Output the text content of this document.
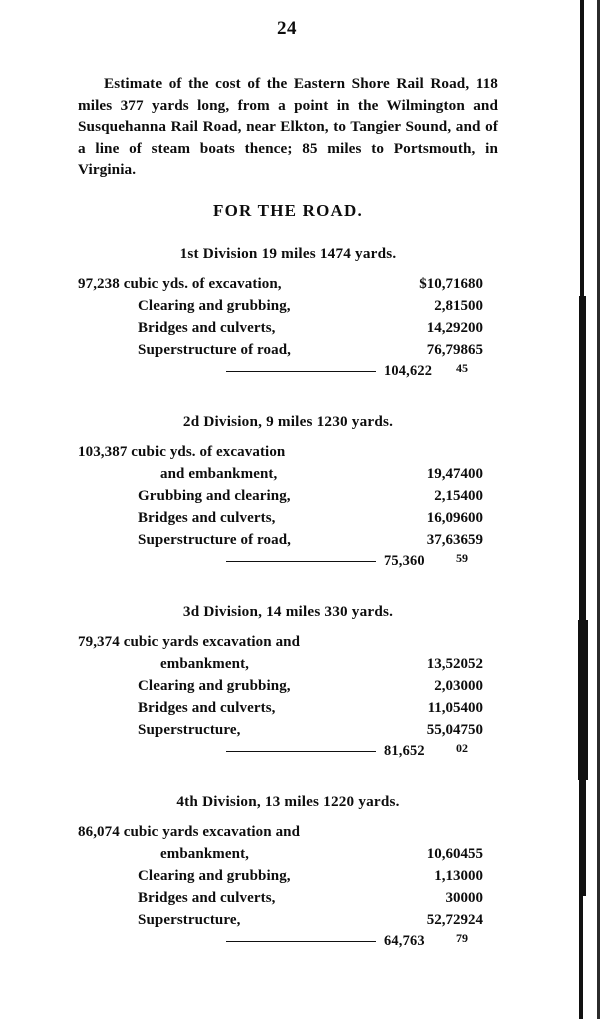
24

Estimate of the cost of the Eastern Shore Rail Road, 118 miles 377 yards long, from a point in the Wilmington and Susquehanna Rail Road, near Elkton, to Tangier Sound, and of a line of steam boats thence; 85 miles to Portsmouth, in Virginia.

FOR THE ROAD.
1st Division 19 miles 1474 yards.
97,238 cubic yds. of excavation,	$10,716	80
Clearing and grubbing,	2,815	00
Bridges and culverts,	14,292	00
Superstructure of road,	76,798	65
104,622 45
2d Division, 9 miles 1230 yards.
103,387 cubic yds. of excavation		
and embankment,	19,474	00
Grubbing and clearing,	2,154	00
Bridges and culverts,	16,096	00
Superstructure of road,	37,636	59
75,360	59
3d Division, 14 miles 330 yards.
79,374 cubic yards excavation and		
embankment,	13,520	52
Clearing and grubbing,	2,030	00
Bridges and culverts,	11,054	00
Superstructure,	55,047	50
81,652	02
4th Division, 13 miles 1220 yards.
86,074 cubic yards excavation and		
embankment,	10,604	55
Clearing and grubbing,	1,130	00
Bridges and culverts,	300	00
Superstructure,	52,729	24
64,763	79
